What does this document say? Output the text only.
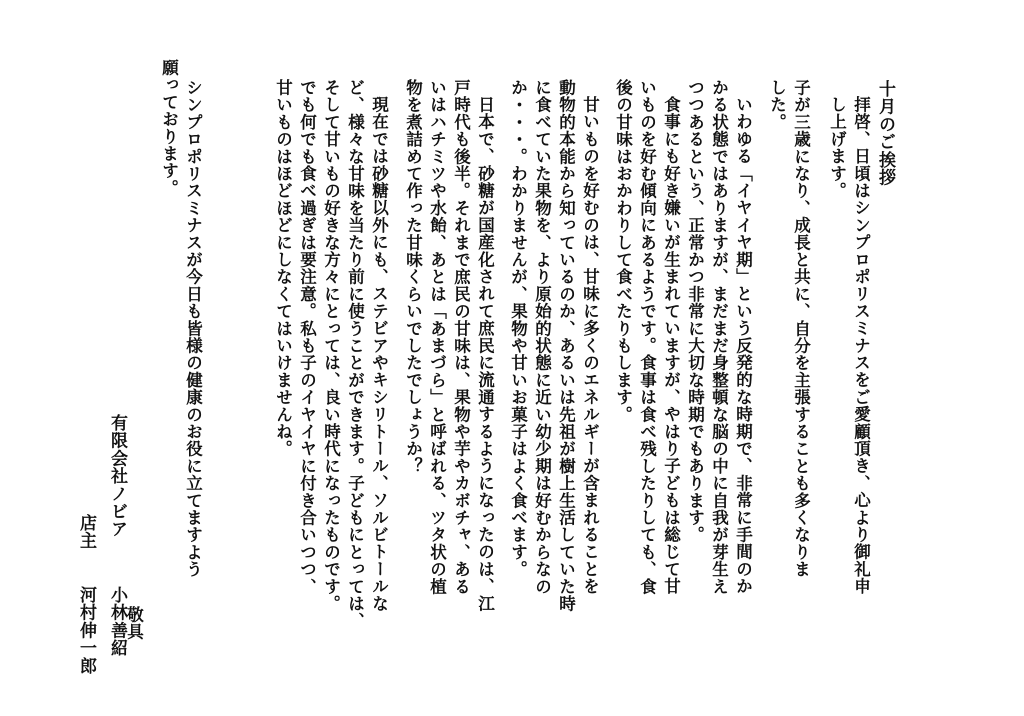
十月のご挨拶
拝啓、日頃はシンプロポリスミナスをご愛顧頂き、心より御礼申
し上げます。
子が三歳になり、成長と共に、自分を主張することも多くなりま
した。
いわゆる「イヤイヤ期」という反発的な時期で、非常に手間のか
かる状態ではありますが、まだまだ身整頓な脳の中に自我が芽生え
つつあるという、正常かつ非常に大切な時期でもあります。
食事にも好き嫌いが生まれていますが、やはり子どもは総じて甘
いものを好む傾向にあるようです。食事は食べ残したりしても、食
後の甘味はおかわりして食べたりもします。
甘いものを好むのは、甘味に多くのエネルギーが含まれることを
動物的本能から知っているのか、あるいは先祖が樹上生活していた時
に食べていた果物を、より原始的状態に近い幼少期は好むからなの
か・・・。わかりませんが、果物や甘いお菓子はよく食べます。
日本で、砂糖が国産化されて庶民に流通するようになったのは、江
戸時代も後半。それまで庶民の甘味は、果物や芋やカボチャ、ある
いはハチミツや水飴、あとは「あまづら」と呼ばれる、ツタ状の植
物を煮詰めて作った甘味くらいでしたでしょうか？
現在では砂糖以外にも、ステビアやキシリトール、ソルビトールな
ど、様々な甘味を当たり前に使うことができます。子どもにとっては、
そして甘いもの好きな方々にとっては、良い時代になったものです。
でも何でも食べ過ぎは要注意。私も子のイヤイヤに付き合いつつ、
甘いものはほどほどにしなくてはいけませんね。
シンプロポリスミナスが今日も皆様の健康のお役に立てますよう
願っております。
敬具
有限会社ノビア
小林善紹
店主
河村伸一郎
